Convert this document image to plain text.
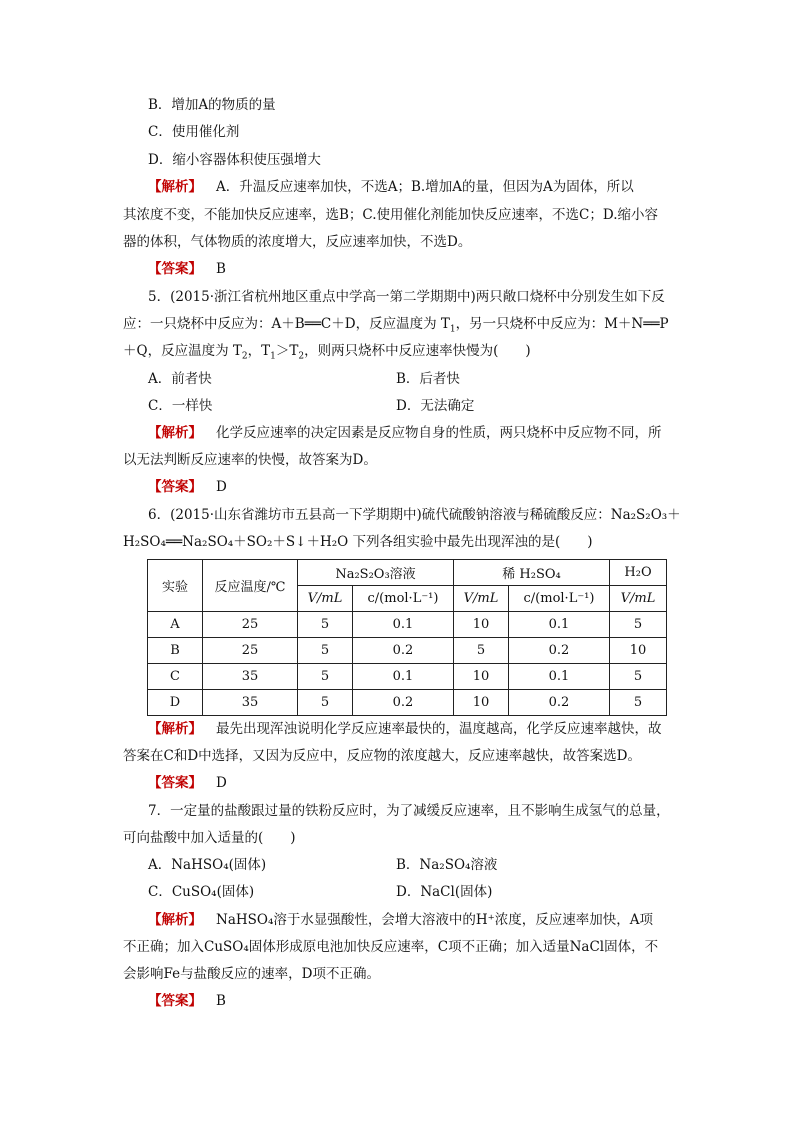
B．增加A的物质的量
C．使用催化剂
D．缩小容器体积使压强增大
【解析】 A．升温反应速率加快，不选A；B.增加A的量，但因为A为固体，所以
其浓度不变，不能加快反应速率，选B；C.使用催化剂能加快反应速率，不选C；D.缩小容
器的体积，气体物质的浓度增大，反应速率加快，不选D。
【答案】 B
5．(2015·浙江省杭州地区重点中学高一第二学期期中)两只敞口烧杯中分别发生如下反
应：一只烧杯中反应为：A＋B══C＋D，反应温度为 $T_1$，另一只烧杯中反应为：M＋N══P
＋Q，反应温度为 $T_2$，$T_1>T_2$，则两只烧杯中反应速率快慢为(　　)
A．前者快	B．后者快
C．一样快	D．无法确定
【解析】 化学反应速率的决定因素是反应物自身的性质，两只烧杯中反应物不同，所
以无法判断反应速率的快慢，故答案为D。
【答案】 D
6．(2015·山东省潍坊市五县高一下学期期中)硫代硫酸钠溶液与稀硫酸反应：Na₂S₂O₃＋
H₂SO₄══Na₂SO₄＋SO₂＋S↓＋H₂O 下列各组实验中最先出现浑浊的是(　　)
实验	反应温度/℃	Na₂S₂O₃溶液		稀 H₂SO₄		H₂O
		V/mL	c/(mol·L⁻¹)	V/mL	c/(mol·L⁻¹)	V/mL
A	25	5	0.1	10	0.1	5
B	25	5	0.2	5	0.2	10
C	35	5	0.1	10	0.1	5
D	35	5	0.2	10	0.2	5
【解析】 最先出现浑浊说明化学反应速率最快的，温度越高，化学反应速率越快，故
答案在C和D中选择，又因为反应中，反应物的浓度越大，反应速率越快，故答案选D。
【答案】 D
7．一定量的盐酸跟过量的铁粉反应时，为了减缓反应速率，且不影响生成氢气的总量，
可向盐酸中加入适量的(　　)
A．NaHSO₄(固体)	B．Na₂SO₄溶液
C．CuSO₄(固体)	D．NaCl(固体)
【解析】 NaHSO₄溶于水显强酸性，会增大溶液中的H⁺浓度，反应速率加快，A项
不正确；加入CuSO₄固体形成原电池加快反应速率，C项不正确；加入适量NaCl固体，不
会影响Fe与盐酸反应的速率，D项不正确。
【答案】 B
